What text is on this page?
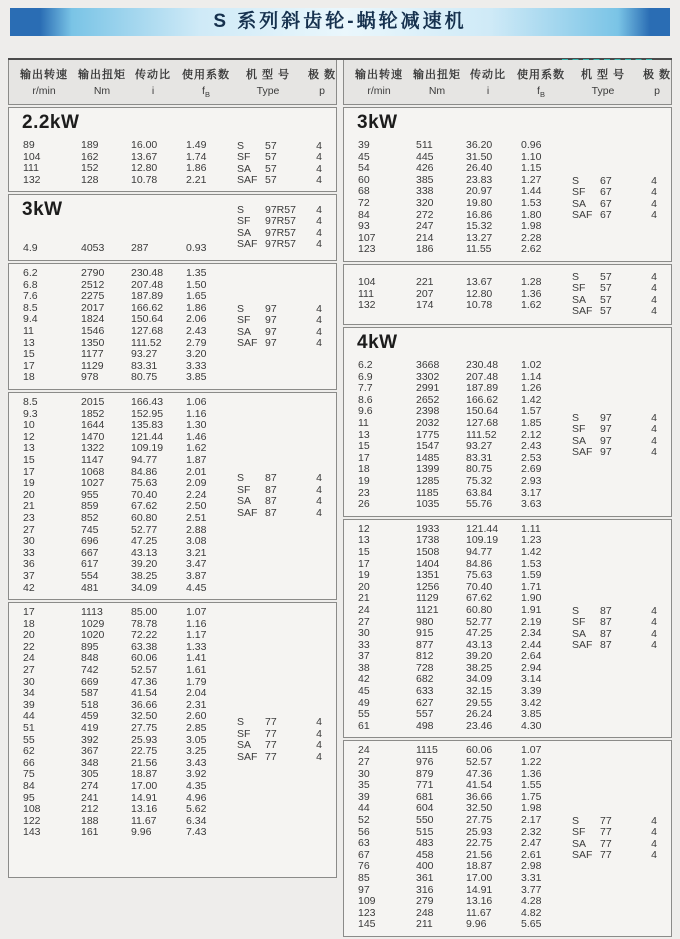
S 系列斜齿轮-蜗轮减速机
输出转速 输出扭矩 传动比	使用系数	机 型 号	极 数
r/min	Nm	i	$f_B$	Type	p
2.2kW
89	189	16.00	1.49
104	162	13.67	1.74
111	152	12.80	1.86
132	128	10.78	2.21
S	57	4
SF	57	4
SA	57	4
SAF 57	4
3kW
4.9	4053	287	0.93
S	97R57	4
SF	97R57	4
SA	97R57	4
SAF 97R57	4
6.2	2790	230.48	1.35
6.8	2512	207.48	1.50
7.6	2275	187.89	1.65
8.5	2017	166.62	1.86
9.4	1824	150.64	2.06
11	1546	127.68	2.43
13	1350	111.52	2.79
15	1177	93.27	3.20
17	1129	83.31	3.33
18	978	80.75	3.85
S	97	4
SF	97	4
SA	97	4
SAF 97	4
8.5	2015	166.43	1.06
9.3	1852	152.95	1.16
10	1644	135.83	1.30
12	1470	121.44	1.46
13	1322	109.19	1.62
15	1147	94.77	1.87
17	1068	84.86	2.01
19	1027	75.63	2.09
20	955	70.40	2.24
21	859	67.62	2.50
23	852	60.80	2.51
27	745	52.77	2.88
30	696	47.25	3.08
33	667	43.13	3.21
36	617	39.20	3.47
37	554	38.25	3.87
42	481	34.09	4.45
S	87	4
SF	87	4
SA	87	4
SAF 87	4
17	1113	85.00	1.07
18	1029	78.78	1.16
20	1020	72.22	1.17
22	895	63.38	1.33
24	848	60.06	1.41
27	742	52.57	1.61
30	669	47.36	1.79
34	587	41.54	2.04
39	518	36.66	2.31
44	459	32.50	2.60
51	419	27.75	2.85
55	392	25.93	3.05
62	367	22.75	3.25
66	348	21.56	3.43
75	305	18.87	3.92
84	274	17.00	4.35
95	241	14.91	4.96
108	212	13.16	5.62
122	188	11.67	6.34
143	161	9.96	7.43
S	77	4
SF	77	4
SA	77	4
SAF 77	4
输出转速 输出扭矩 传动比	使用系数	机 型 号	极 数
r/min	Nm	i	$f_B$	Type	p
3kW
39	511	36.20	0.96
45	445	31.50	1.10
54	426	26.40	1.15
60	385	23.83	1.27
68	338	20.97	1.44
72	320	19.80	1.53
84	272	16.86	1.80
93	247	15.32	1.98
107	214	13.27	2.28
123	186	11.55	2.62
S	67	4
SF	67	4
SA	67	4
SAF 67	4
104	221	13.67	1.28
111	207	12.80	1.36
132	174	10.78	1.62
S	57	4
SF	57	4
SA	57	4
SAF 57	4
4kW
6.2	3668	230.48	1.02
6.9	3302	207.48	1.14
7.7	2991	187.89	1.26
8.6	2652	166.62	1.42
9.6	2398	150.64	1.57
11	2032	127.68	1.85
13	1775	111.52	2.12
15	1547	93.27	2.43
17	1485	83.31	2.53
18	1399	80.75	2.69
19	1285	75.32	2.93
23	1185	63.84	3.17
26	1035	55.76	3.63
S	97	4
SF	97	4
SA	97	4
SAF 97	4
12	1933	121.44	1.11
13	1738	109.19	1.23
15	1508	94.77	1.42
17	1404	84.86	1.53
19	1351	75.63	1.59
20	1256	70.40	1.71
21	1129	67.62	1.90
24	1121	60.80	1.91
27	980	52.77	2.19
30	915	47.25	2.34
33	877	43.13	2.44
37	812	39.20	2.64
38	728	38.25	2.94
42	682	34.09	3.14
45	633	32.15	3.39
49	627	29.55	3.42
55	557	26.24	3.85
61	498	23.46	4.30
S	87	4
SF	87	4
SA	87	4
SAF 87	4
24	1115	60.06	1.07
27	976	52.57	1.22
30	879	47.36	1.36
35	771	41.54	1.55
39	681	36.66	1.75
44	604	32.50	1.98
52	550	27.75	2.17
56	515	25.93	2.32
63	483	22.75	2.47
67	458	21.56	2.61
76	400	18.87	2.98
85	361	17.00	3.31
97	316	14.91	3.77
109	279	13.16	4.28
123	248	11.67	4.82
145	211	9.96	5.65
S	77	4
SF	77	4
SA	77	4
SAF 77	4
